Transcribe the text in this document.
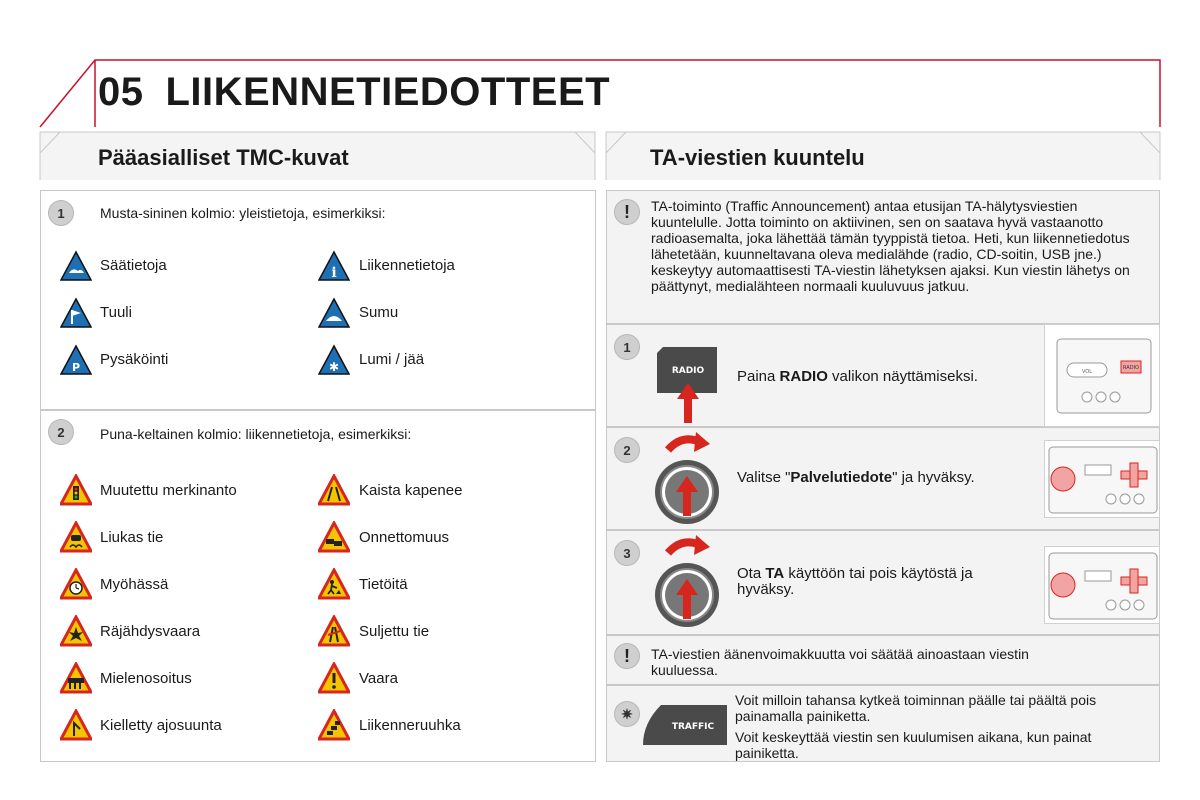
05 LIIKENNETIEDOTTEET
Pääasialliset TMC-kuvat	TA-viestien kuuntelu
1	Musta-sininen kolmio: yleistietoja, esimerkiksi:
2	Puna-keltainen kolmio: liikennetietoja, esimerkiksi:
Säätietoja	i Liikennetietoja
Tuuli	Sumu
P Pysäköinti	✱ Lumi / jää
Muutettu merkinanto	Kaista kapenee
Liukas tie	Onnettomuus
Myöhässä	Tietöitä
Räjähdysvaara	Suljettu tie
Mielenosoitus	Vaara
Kielletty ajosuunta	Liikenneruuhka
!	TA-toiminto (Traffic Announcement) antaa etusijan TA-hälytysviestien kuuntelulle. Jotta toiminto on aktiivinen, sen on saatava hyvä vastaanotto radioasemalta, joka lähettää tämän tyyppistä tietoa. Heti, kun liikennetiedotus lähetetään, kuunneltavana oleva medialähde (radio, CD-soitin, USB jne.) keskeytyy automaattisesti TA-viestin lähetyksen ajaksi. Kun viestin lähetys on päättynyt, medialähteen normaali kuuluvuus jatkuu.
1
RADIO Paina RADIO valikon näyttämiseksi.	VOL
RADIO
2
Valitse "Palvelutiedote" ja hyväksy.
3
Ota TA käyttöön tai pois käytöstä ja hyväksy.
!	TA-viestien äänenvoimakkuutta voi säätää ainoastaan viestin kuuluessa.
✷
TRAFFIC
Voit milloin tahansa kytkeä toiminnan päälle tai päältä pois painamalla painiketta.
Voit keskeyttää viestin sen kuulumisen aikana, kun painat painiketta.
